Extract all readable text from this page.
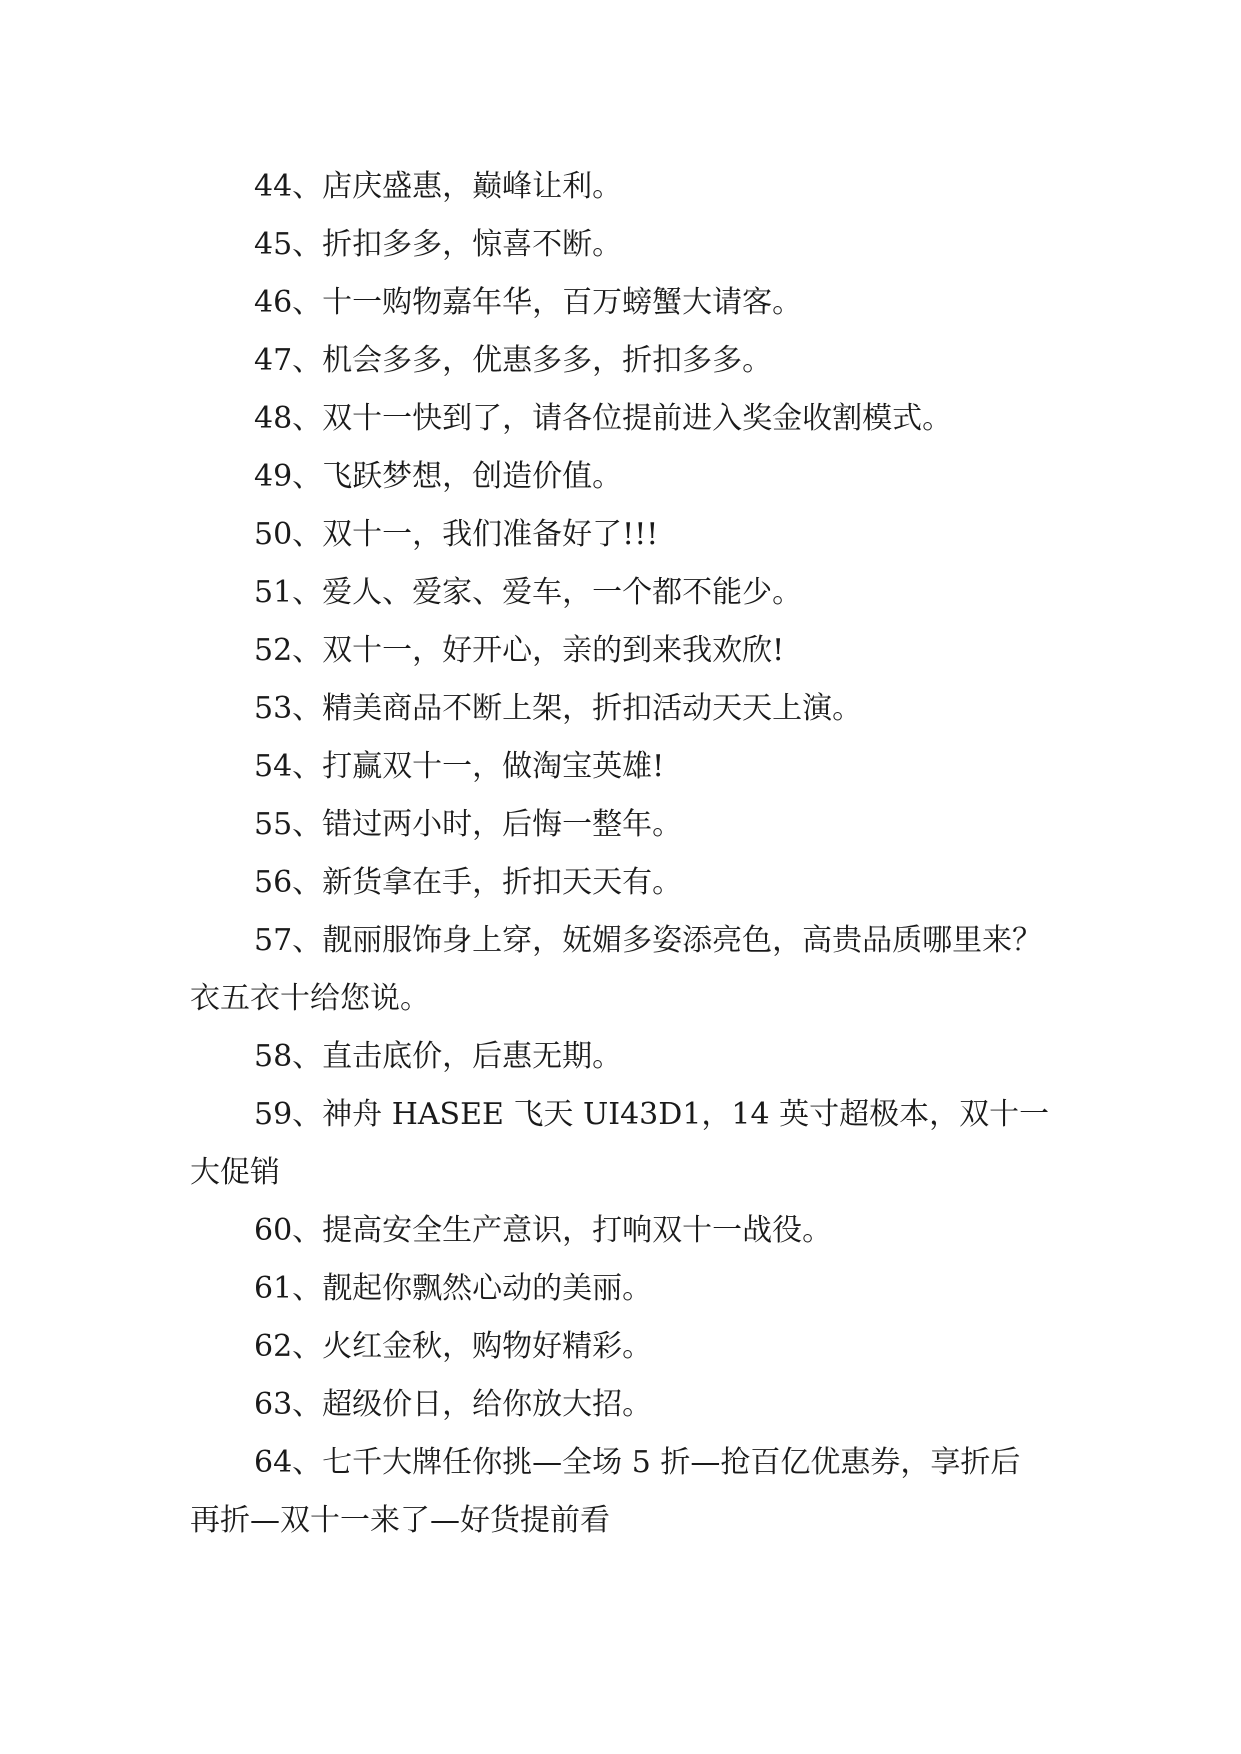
44、店庆盛惠，巅峰让利。

45、折扣多多，惊喜不断。

46、十一购物嘉年华，百万螃蟹大请客。

47、机会多多，优惠多多，折扣多多。

48、双十一快到了，请各位提前进入奖金收割模式。

49、飞跃梦想，创造价值。

50、双十一，我们准备好了!!!

51、爱人、爱家、爱车，一个都不能少。

52、双十一，好开心，亲的到来我欢欣!

53、精美商品不断上架，折扣活动天天上演。

54、打赢双十一，做淘宝英雄!

55、错过两小时，后悔一整年。

56、新货拿在手，折扣天天有。

57、靓丽服饰身上穿，妩媚多姿添亮色，高贵品质哪里来？衣五衣十给您说。

58、直击底价，后惠无期。

59、神舟 HASEE 飞天 UI43D1，14 英寸超极本，双十一大促销

60、提高安全生产意识，打响双十一战役。

61、靓起你飘然心动的美丽。

62、火红金秋，购物好精彩。

63、超级价日，给你放大招。

64、七千大牌任你挑—全场 5 折—抢百亿优惠券，享折后再折—双十一来了—好货提前看
